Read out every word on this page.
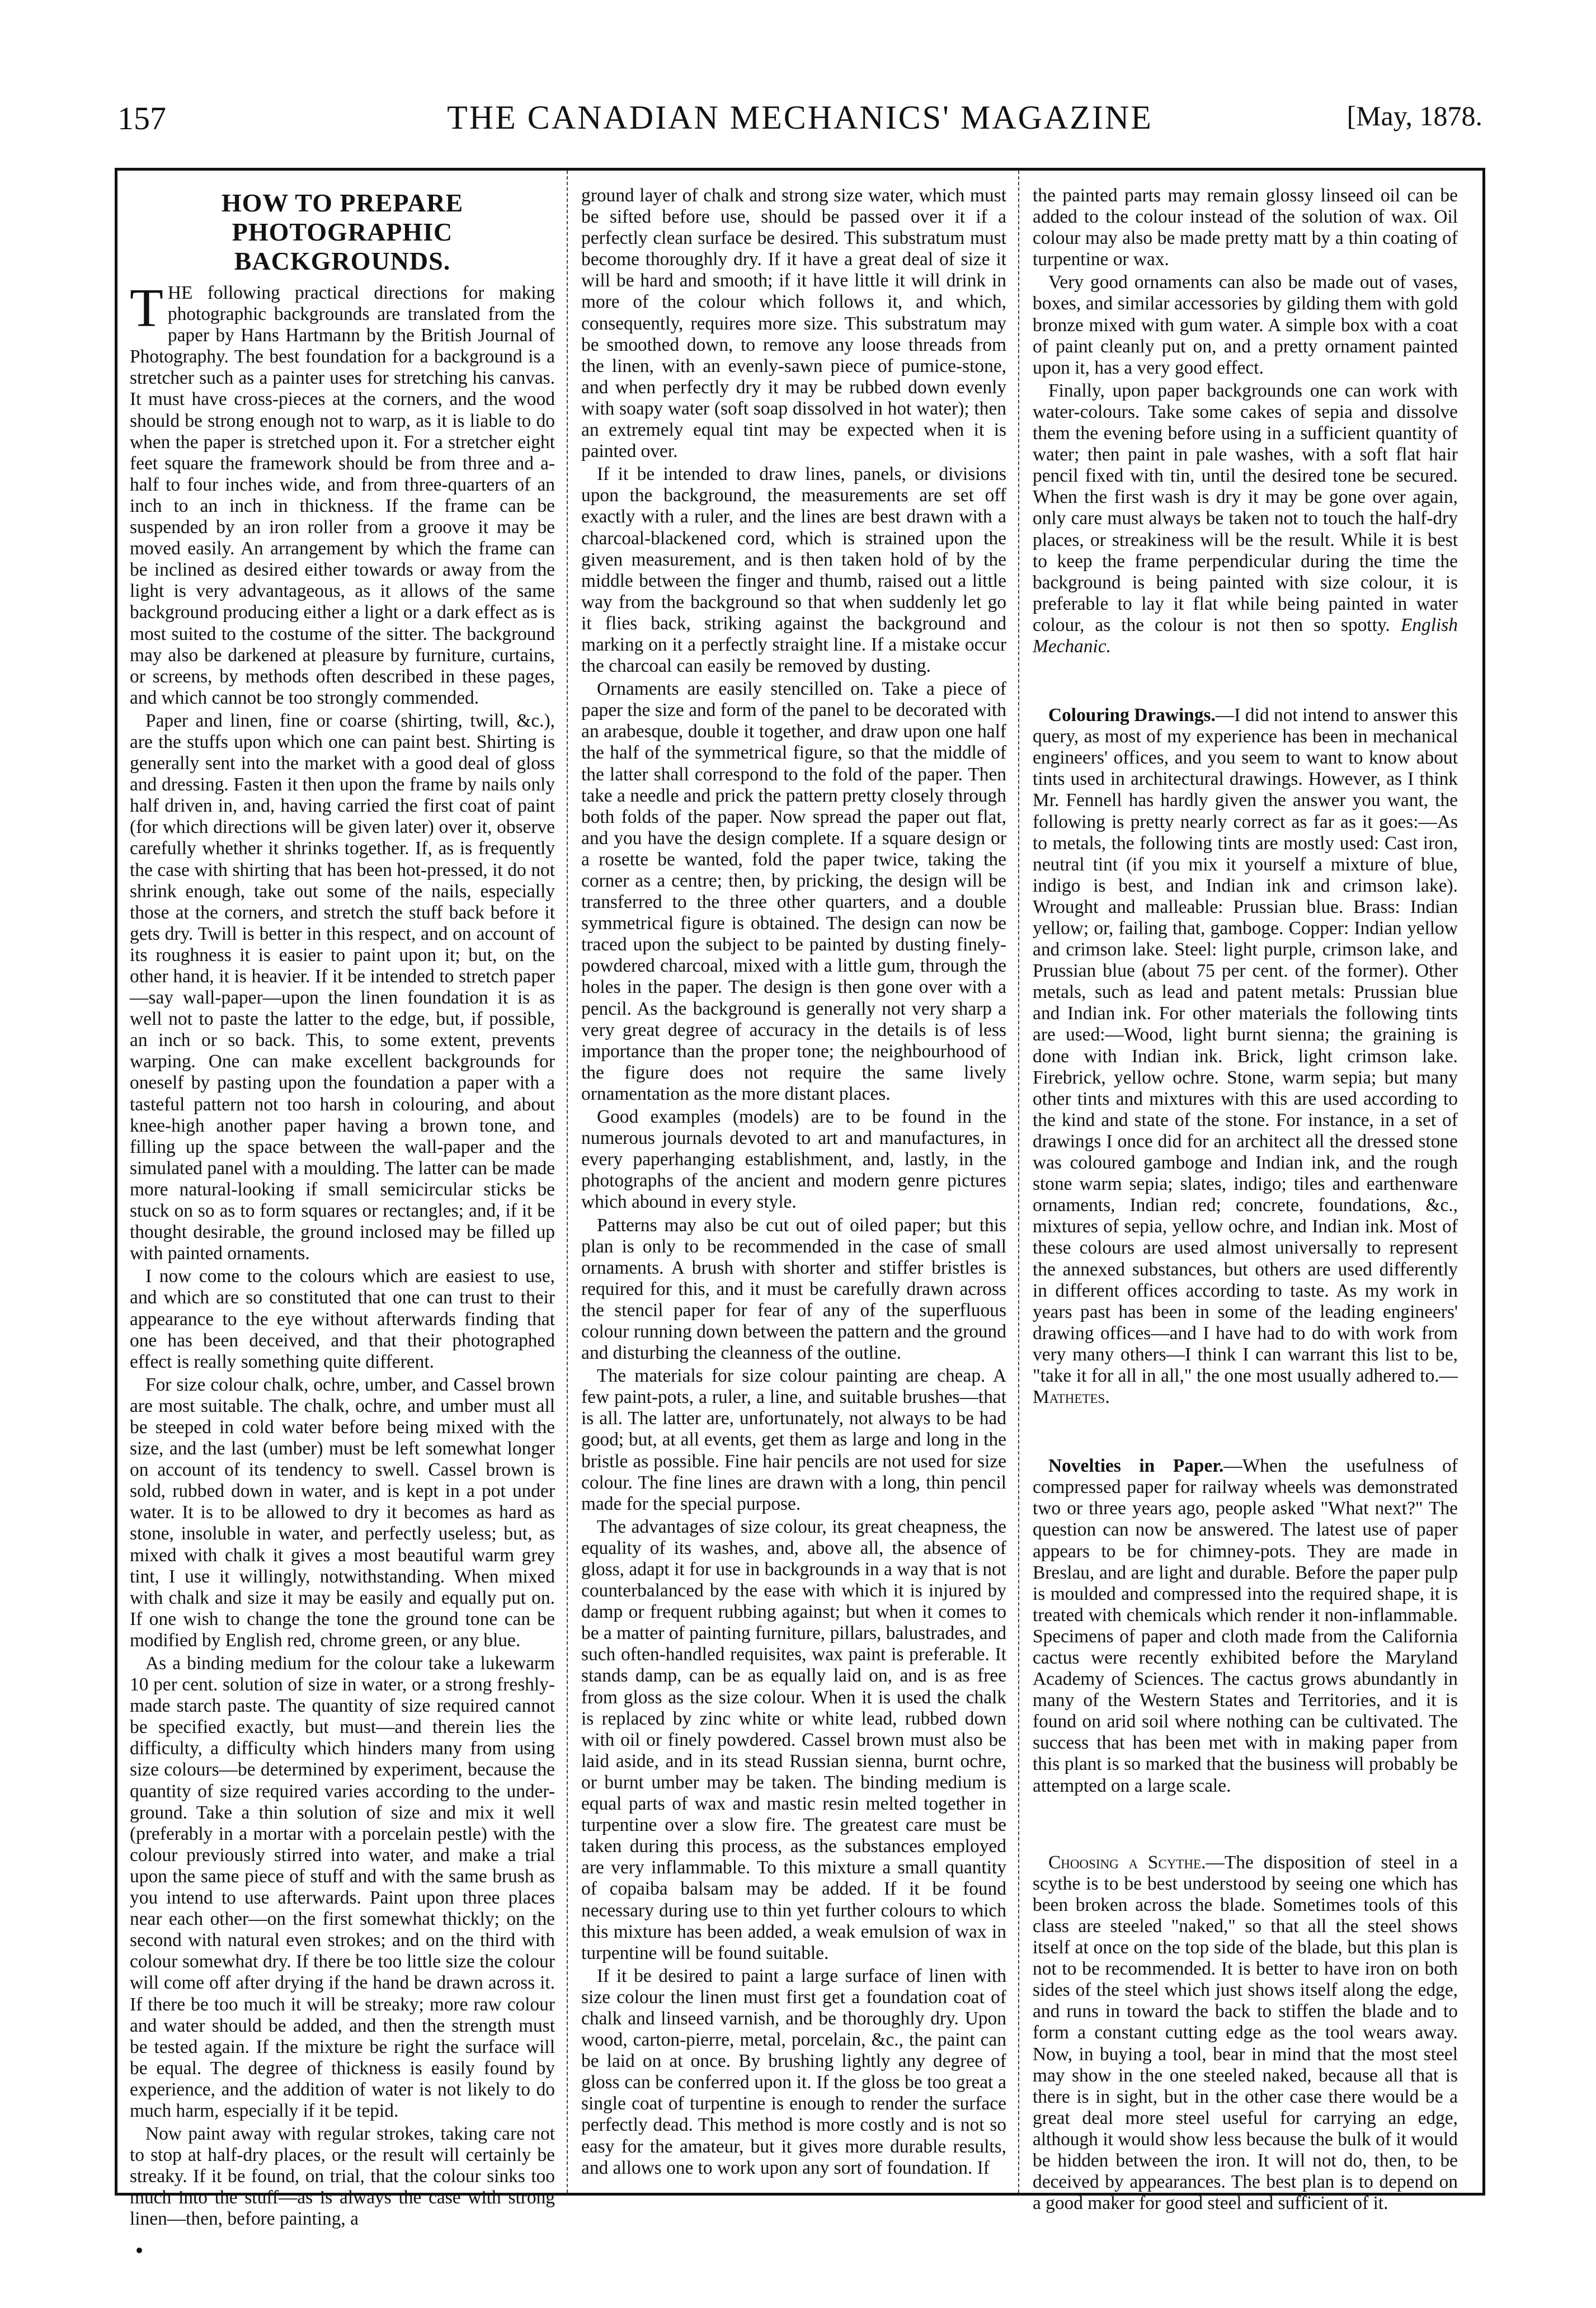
157	THE CANADIAN MECHANICS' MAGAZINE	[May, 1878.
HOW TO PREPARE PHOTOGRAPHIC BACKGROUNDS.

THE following practical directions for making photographic backgrounds are translated from the paper by Hans Hartmann by the British Journal of Photography. The best foundation for a background is a stretcher such as a painter uses for stretching his canvas. It must have cross-pieces at the corners, and the wood should be strong enough not to warp, as it is liable to do when the paper is stretched upon it. For a stretcher eight feet square the framework should be from three and a-half to four inches wide, and from three-quarters of an inch to an inch in thickness. If the frame can be suspended by an iron roller from a groove it may be moved easily. An arrangement by which the frame can be inclined as desired either towards or away from the light is very advantageous, as it allows of the same background producing either a light or a dark effect as is most suited to the costume of the sitter. The background may also be darkened at pleasure by furniture, curtains, or screens, by methods often described in these pages, and which cannot be too strongly commended.

Paper and linen, fine or coarse (shirting, twill, &c.), are the stuffs upon which one can paint best. Shirting is generally sent into the market with a good deal of gloss and dressing. Fasten it then upon the frame by nails only half driven in, and, having carried the first coat of paint (for which directions will be given later) over it, observe carefully whether it shrinks together. If, as is frequently the case with shirting that has been hot-pressed, it do not shrink enough, take out some of the nails, especially those at the corners, and stretch the stuff back before it gets dry. Twill is better in this respect, and on account of its roughness it is easier to paint upon it; but, on the other hand, it is heavier. If it be intended to stretch paper—say wall-paper—upon the linen foundation it is as well not to paste the latter to the edge, but, if possible, an inch or so back. This, to some extent, prevents warping. One can make excellent backgrounds for oneself by pasting upon the foundation a paper with a tasteful pattern not too harsh in colouring, and about knee-high another paper having a brown tone, and filling up the space between the wall-paper and the simulated panel with a moulding. The latter can be made more natural-looking if small semicircular sticks be stuck on so as to form squares or rectangles; and, if it be thought desirable, the ground inclosed may be filled up with painted ornaments.

I now come to the colours which are easiest to use, and which are so constituted that one can trust to their appearance to the eye without afterwards finding that one has been deceived, and that their photographed effect is really something quite different.

For size colour chalk, ochre, umber, and Cassel brown are most suitable. The chalk, ochre, and umber must all be steeped in cold water before being mixed with the size, and the last (umber) must be left somewhat longer on account of its tendency to swell. Cassel brown is sold, rubbed down in water, and is kept in a pot under water. It is to be allowed to dry it becomes as hard as stone, insoluble in water, and perfectly useless; but, as mixed with chalk it gives a most beautiful warm grey tint, I use it willingly, notwithstanding. When mixed with chalk and size it may be easily and equally put on. If one wish to change the tone the ground tone can be modified by English red, chrome green, or any blue.

As a binding medium for the colour take a lukewarm 10 per cent. solution of size in water, or a strong freshly-made starch paste. The quantity of size required cannot be specified exactly, but must—and therein lies the difficulty, a difficulty which hinders many from using size colours—be determined by experiment, because the quantity of size required varies according to the under-ground. Take a thin solution of size and mix it well (preferably in a mortar with a porcelain pestle) with the colour previously stirred into water, and make a trial upon the same piece of stuff and with the same brush as you intend to use afterwards. Paint upon three places near each other—on the first somewhat thickly; on the second with natural even strokes; and on the third with colour somewhat dry. If there be too little size the colour will come off after drying if the hand be drawn across it. If there be too much it will be streaky; more raw colour and water should be added, and then the strength must be tested again. If the mixture be right the surface will be equal. The degree of thickness is easily found by experience, and the addition of water is not likely to do much harm, especially if it be tepid.

Now paint away with regular strokes, taking care not to stop at half-dry places, or the result will certainly be streaky. If it be found, on trial, that the colour sinks too much into the stuff—as is always the case with strong linen—then, before painting, a

ground layer of chalk and strong size water, which must be sifted before use, should be passed over it if a perfectly clean surface be desired. This substratum must become thoroughly dry. If it have a great deal of size it will be hard and smooth; if it have little it will drink in more of the colour which follows it, and which, consequently, requires more size. This substratum may be smoothed down, to remove any loose threads from the linen, with an evenly-sawn piece of pumice-stone, and when perfectly dry it may be rubbed down evenly with soapy water (soft soap dissolved in hot water); then an extremely equal tint may be expected when it is painted over.

If it be intended to draw lines, panels, or divisions upon the background, the measurements are set off exactly with a ruler, and the lines are best drawn with a charcoal-blackened cord, which is strained upon the given measurement, and is then taken hold of by the middle between the finger and thumb, raised out a little way from the background so that when suddenly let go it flies back, striking against the background and marking on it a perfectly straight line. If a mistake occur the charcoal can easily be removed by dusting.

Ornaments are easily stencilled on. Take a piece of paper the size and form of the panel to be decorated with an arabesque, double it together, and draw upon one half the half of the symmetrical figure, so that the middle of the latter shall correspond to the fold of the paper. Then take a needle and prick the pattern pretty closely through both folds of the paper. Now spread the paper out flat, and you have the design complete. If a square design or a rosette be wanted, fold the paper twice, taking the corner as a centre; then, by pricking, the design will be transferred to the three other quarters, and a double symmetrical figure is obtained. The design can now be traced upon the subject to be painted by dusting finely-powdered charcoal, mixed with a little gum, through the holes in the paper. The design is then gone over with a pencil. As the background is generally not very sharp a very great degree of accuracy in the details is of less importance than the proper tone; the neighbourhood of the figure does not require the same lively ornamentation as the more distant places.

Good examples (models) are to be found in the numerous journals devoted to art and manufactures, in every paperhanging establishment, and, lastly, in the photographs of the ancient and modern genre pictures which abound in every style.

Patterns may also be cut out of oiled paper; but this plan is only to be recommended in the case of small ornaments. A brush with shorter and stiffer bristles is required for this, and it must be carefully drawn across the stencil paper for fear of any of the superfluous colour running down between the pattern and the ground and disturbing the cleanness of the outline.

The materials for size colour painting are cheap. A few paint-pots, a ruler, a line, and suitable brushes—that is all. The latter are, unfortunately, not always to be had good; but, at all events, get them as large and long in the bristle as possible. Fine hair pencils are not used for size colour. The fine lines are drawn with a long, thin pencil made for the special purpose.

The advantages of size colour, its great cheapness, the equality of its washes, and, above all, the absence of gloss, adapt it for use in backgrounds in a way that is not counterbalanced by the ease with which it is injured by damp or frequent rubbing against; but when it comes to be a matter of painting furniture, pillars, balustrades, and such often-handled requisites, wax paint is preferable. It stands damp, can be as equally laid on, and is as free from gloss as the size colour. When it is used the chalk is replaced by zinc white or white lead, rubbed down with oil or finely powdered. Cassel brown must also be laid aside, and in its stead Russian sienna, burnt ochre, or burnt umber may be taken. The binding medium is equal parts of wax and mastic resin melted together in turpentine over a slow fire. The greatest care must be taken during this process, as the substances employed are very inflammable. To this mixture a small quantity of copaiba balsam may be added. If it be found necessary during use to thin yet further colours to which this mixture has been added, a weak emulsion of wax in turpentine will be found suitable.

If it be desired to paint a large surface of linen with size colour the linen must first get a foundation coat of chalk and linseed varnish, and be thoroughly dry. Upon wood, carton-pierre, metal, porcelain, &c., the paint can be laid on at once. By brushing lightly any degree of gloss can be conferred upon it. If the gloss be too great a single coat of turpentine is enough to render the surface perfectly dead. This method is more costly and is not so easy for the amateur, but it gives more durable results, and allows one to work upon any sort of foundation. If

the painted parts may remain glossy linseed oil can be added to the colour instead of the solution of wax. Oil colour may also be made pretty matt by a thin coating of turpentine or wax.

Very good ornaments can also be made out of vases, boxes, and similar accessories by gilding them with gold bronze mixed with gum water. A simple box with a coat of paint cleanly put on, and a pretty ornament painted upon it, has a very good effect.

Finally, upon paper backgrounds one can work with water-colours. Take some cakes of sepia and dissolve them the evening before using in a sufficient quantity of water; then paint in pale washes, with a soft flat hair pencil fixed with tin, until the desired tone be secured. When the first wash is dry it may be gone over again, only care must always be taken not to touch the half-dry places, or streakiness will be the result. While it is best to keep the frame perpendicular during the time the background is being painted with size colour, it is preferable to lay it flat while being painted in water colour, as the colour is not then so spotty. English Mechanic.

Colouring Drawings.—I did not intend to answer this query, as most of my experience has been in mechanical engineers' offices, and you seem to want to know about tints used in architectural drawings. However, as I think Mr. Fennell has hardly given the answer you want, the following is pretty nearly correct as far as it goes:—As to metals, the following tints are mostly used: Cast iron, neutral tint (if you mix it yourself a mixture of blue, indigo is best, and Indian ink and crimson lake). Wrought and malleable: Prussian blue. Brass: Indian yellow; or, failing that, gamboge. Copper: Indian yellow and crimson lake. Steel: light purple, crimson lake, and Prussian blue (about 75 per cent. of the former). Other metals, such as lead and patent metals: Prussian blue and Indian ink. For other materials the following tints are used:—Wood, light burnt sienna; the graining is done with Indian ink. Brick, light crimson lake. Firebrick, yellow ochre. Stone, warm sepia; but many other tints and mixtures with this are used according to the kind and state of the stone. For instance, in a set of drawings I once did for an architect all the dressed stone was coloured gamboge and Indian ink, and the rough stone warm sepia; slates, indigo; tiles and earthenware ornaments, Indian red; concrete, foundations, &c., mixtures of sepia, yellow ochre, and Indian ink. Most of these colours are used almost universally to represent the annexed substances, but others are used differently in different offices according to taste. As my work in years past has been in some of the leading engineers' drawing offices—and I have had to do with work from very many others—I think I can warrant this list to be, "take it for all in all," the one most usually adhered to.—Mathetes.

Novelties in Paper.—When the usefulness of compressed paper for railway wheels was demonstrated two or three years ago, people asked "What next?" The question can now be answered. The latest use of paper appears to be for chimney-pots. They are made in Breslau, and are light and durable. Before the paper pulp is moulded and compressed into the required shape, it is treated with chemicals which render it non-inflammable. Specimens of paper and cloth made from the California cactus were recently exhibited before the Maryland Academy of Sciences. The cactus grows abundantly in many of the Western States and Territories, and it is found on arid soil where nothing can be cultivated. The success that has been met with in making paper from this plant is so marked that the business will probably be attempted on a large scale.

Choosing a Scythe.—The disposition of steel in a scythe is to be best understood by seeing one which has been broken across the blade. Sometimes tools of this class are steeled "naked," so that all the steel shows itself at once on the top side of the blade, but this plan is not to be recommended. It is better to have iron on both sides of the steel which just shows itself along the edge, and runs in toward the back to stiffen the blade and to form a constant cutting edge as the tool wears away. Now, in buying a tool, bear in mind that the most steel may show in the one steeled naked, because all that is there is in sight, but in the other case there would be a great deal more steel useful for carrying an edge, although it would show less because the bulk of it would be hidden between the iron. It will not do, then, to be deceived by appearances. The best plan is to depend on a good maker for good steel and sufficient of it.
